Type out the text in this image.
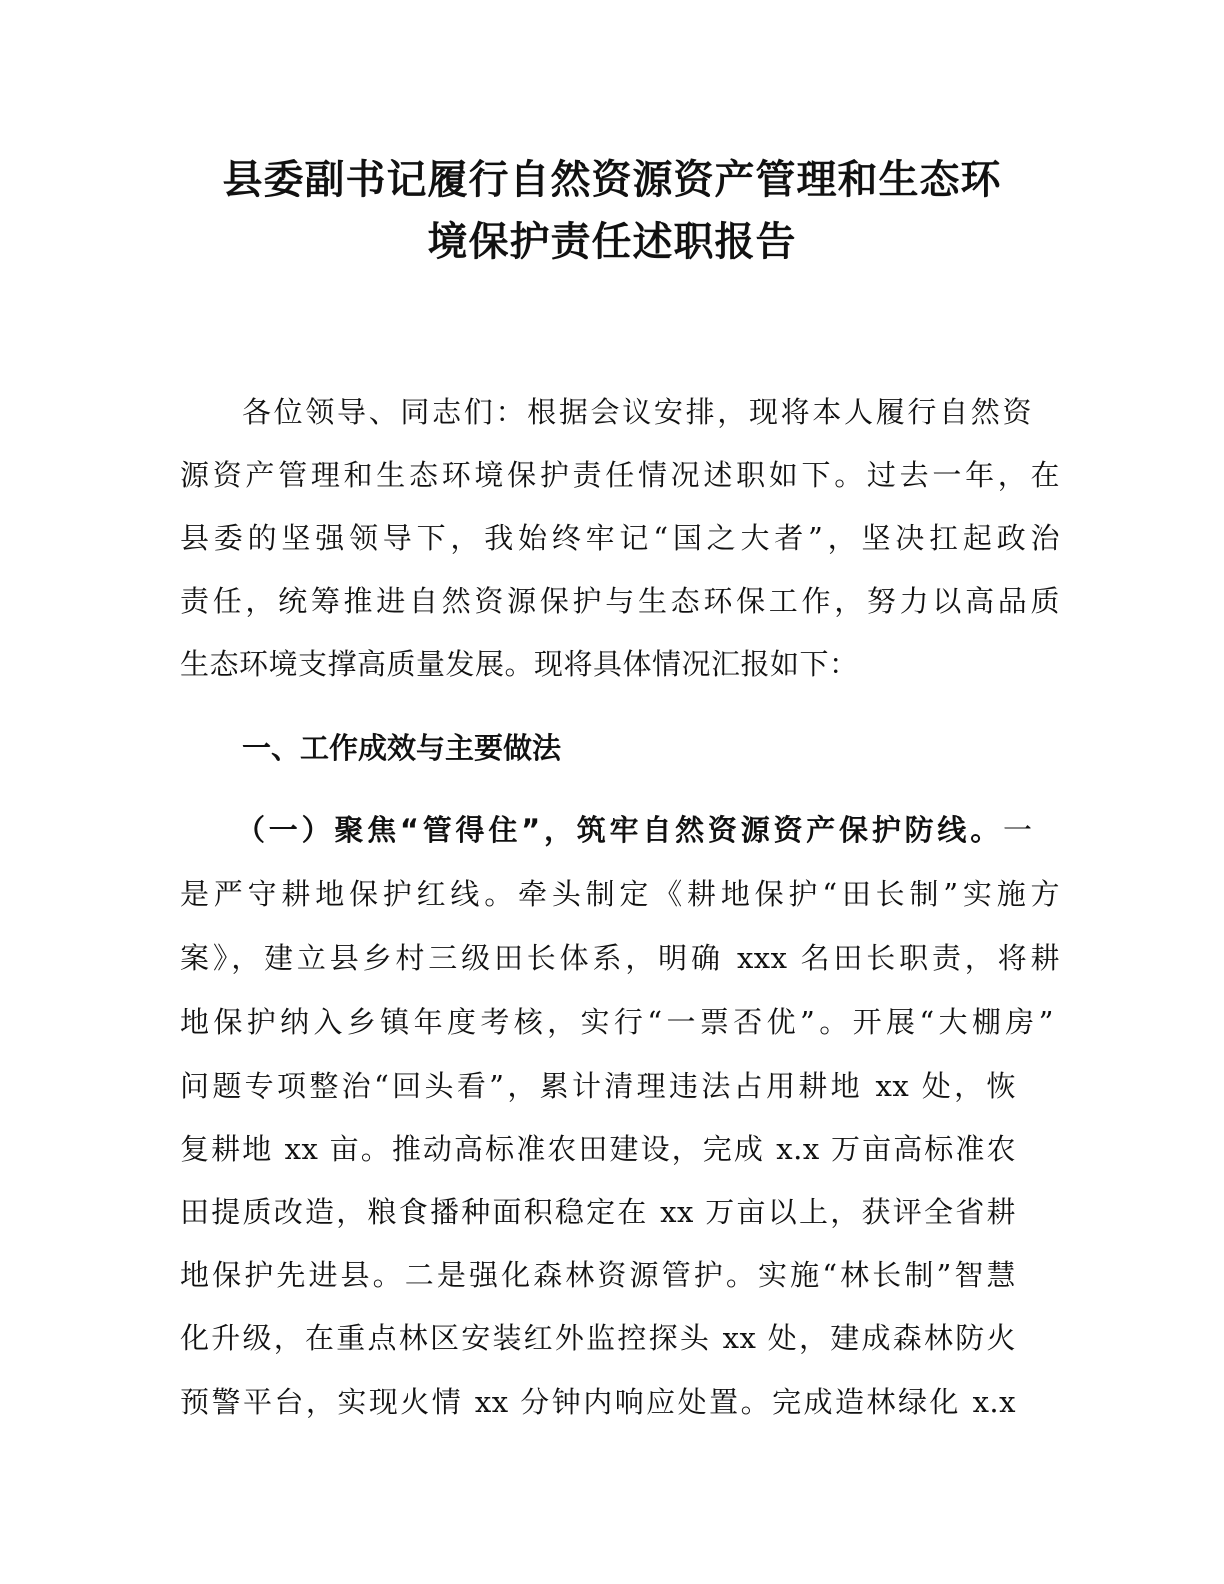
县委副书记履行自然资源资产管理和生态环
境保护责任述职报告
各位领导、同志们：根据会议安排，现将本人履行自然资
源资产管理和生态环境保护责任情况述职如下。过去一年，在
县委的坚强领导下，我始终牢记“国之大者”，坚决扛起政治
责任，统筹推进自然资源保护与生态环保工作，努力以高品质
生态环境支撑高质量发展。现将具体情况汇报如下：
一、工作成效与主要做法
（一）聚焦“管得住”，筑牢自然资源资产保护防线。一
是严守耕地保护红线。牵头制定《耕地保护“田长制”实施方
案》，建立县乡村三级田长体系，明确 xxx 名田长职责，将耕
地保护纳入乡镇年度考核，实行“一票否优”。开展“大棚房”
问题专项整治“回头看”，累计清理违法占用耕地 xx 处，恢
复耕地 xx 亩。推动高标准农田建设，完成 x.x 万亩高标准农
田提质改造，粮食播种面积稳定在 xx 万亩以上，获评全省耕
地保护先进县。二是强化森林资源管护。实施“林长制”智慧
化升级，在重点林区安装红外监控探头 xx 处，建成森林防火
预警平台，实现火情 xx 分钟内响应处置。完成造林绿化 x.x
